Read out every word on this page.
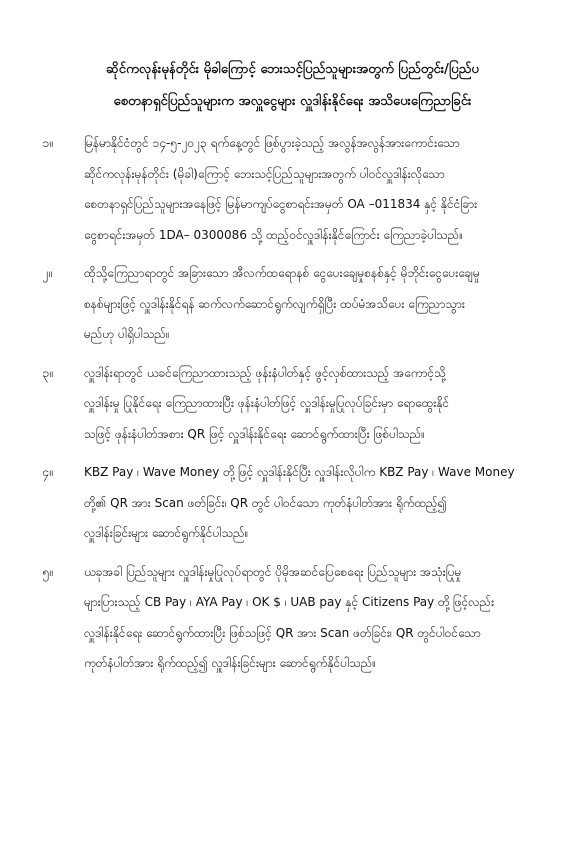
ဆိုင်ကလုန်းမုန်တိုင်း မိုခါကြောင့် ဘေးသင့်ပြည်သူများအတွက် ပြည်တွင်း/ပြည်ပ
စေတနာရှင်ပြည်သူများက အလှူငွေများ လှူဒါန်းနိုင်ရေး အသိပေးကြေညာခြင်း
၁။	မြန်မာနိုင်ငံတွင် ၁၄-၅-၂၀၂၃ ရက်နေ့တွင် ဖြစ်ပွားခဲ့သည့် အလွန်အလွန်အားကောင်းသော
ဆိုင်ကလုန်းမုန်တိုင်း (မိုခါ)ကြောင့် ဘေးသင့်ပြည်သူများအတွက် ပါဝင်လှူဒါန်းလိုသော
စေတနာရှင်ပြည်သူများအနေဖြင့် မြန်မာကျပ်ငွေစာရင်းအမှတ် OA –011834 နှင့် နိုင်ငံခြား
ငွေစာရင်းအမှတ် 1DA– 0300086 သို့ ထည့်ဝင်လှူဒါန်းနိုင်ကြောင်း ကြေညာခဲ့ပါသည်။
၂။	ထိုသို့ကြေညာရာတွင် အခြားသော အီလက်ထရောနစ် ငွေပေးချေမှုစနစ်နှင့် မိုဘိုင်းငွေပေးချေမှု
စနစ်များဖြင့် လှူဒါန်းနိုင်ရန် ဆက်လက်ဆောင်ရွက်လျက်ရှိပြီး ထပ်မံအသိပေး ကြေညာသွား
မည်ဟု ပါရှိပါသည်။
၃။	လှူဒါန်းရာတွင် ယခင်ကြေညာထားသည့် ဖုန်းနံပါတ်နှင့် ဖွင့်လှစ်ထားသည့် အကောင့်သို့
လှူဒါန်းမှု ပြုနိုင်ရေး ကြေညာထားပြီး ဖုန်းနံပါတ်ဖြင့် လှူဒါန်းမှုပြုလုပ်ခြင်းမှာ ရောထွေးနိုင်
သဖြင့် ဖုန်းနံပါတ်အစား QR ဖြင့် လှူဒါန်းနိုင်ရေး ဆောင်ရွက်ထားပြီး ဖြစ်ပါသည်။
၄။	KBZ Pay ၊ Wave Money တို့ဖြင့် လှူဒါန်းနိုင်ပြီး လှူဒါန်းလိုပါက KBZ Pay ၊ Wave Money
တို့၏ QR အား Scan ဖတ်ခြင်း၊ QR တွင် ပါဝင်သော ကုတ်နံပါတ်အား ရိုက်ထည့်၍
လှူဒါန်းခြင်းများ ဆောင်ရွက်နိုင်ပါသည်။
၅။	ယခုအခါ ပြည်သူများ လှူဒါန်းမှုပြုလုပ်ရာတွင် ပိုမိုအဆင်ပြေစေရေး ပြည်သူများ အသုံးပြုမှု
များပြားသည့် CB Pay ၊ AYA Pay ၊ OK $ ၊ UAB pay နှင့် Citizens Pay တို့ဖြင့်လည်း
လှူဒါန်းနိုင်ရေး ဆောင်ရွက်ထားပြီး ဖြစ်သဖြင့် QR အား Scan ဖတ်ခြင်း၊ QR တွင်ပါဝင်သော
ကုတ်နံပါတ်အား ရိုက်ထည့်၍ လှူဒါန်းခြင်းများ ဆောင်ရွက်နိုင်ပါသည်။
